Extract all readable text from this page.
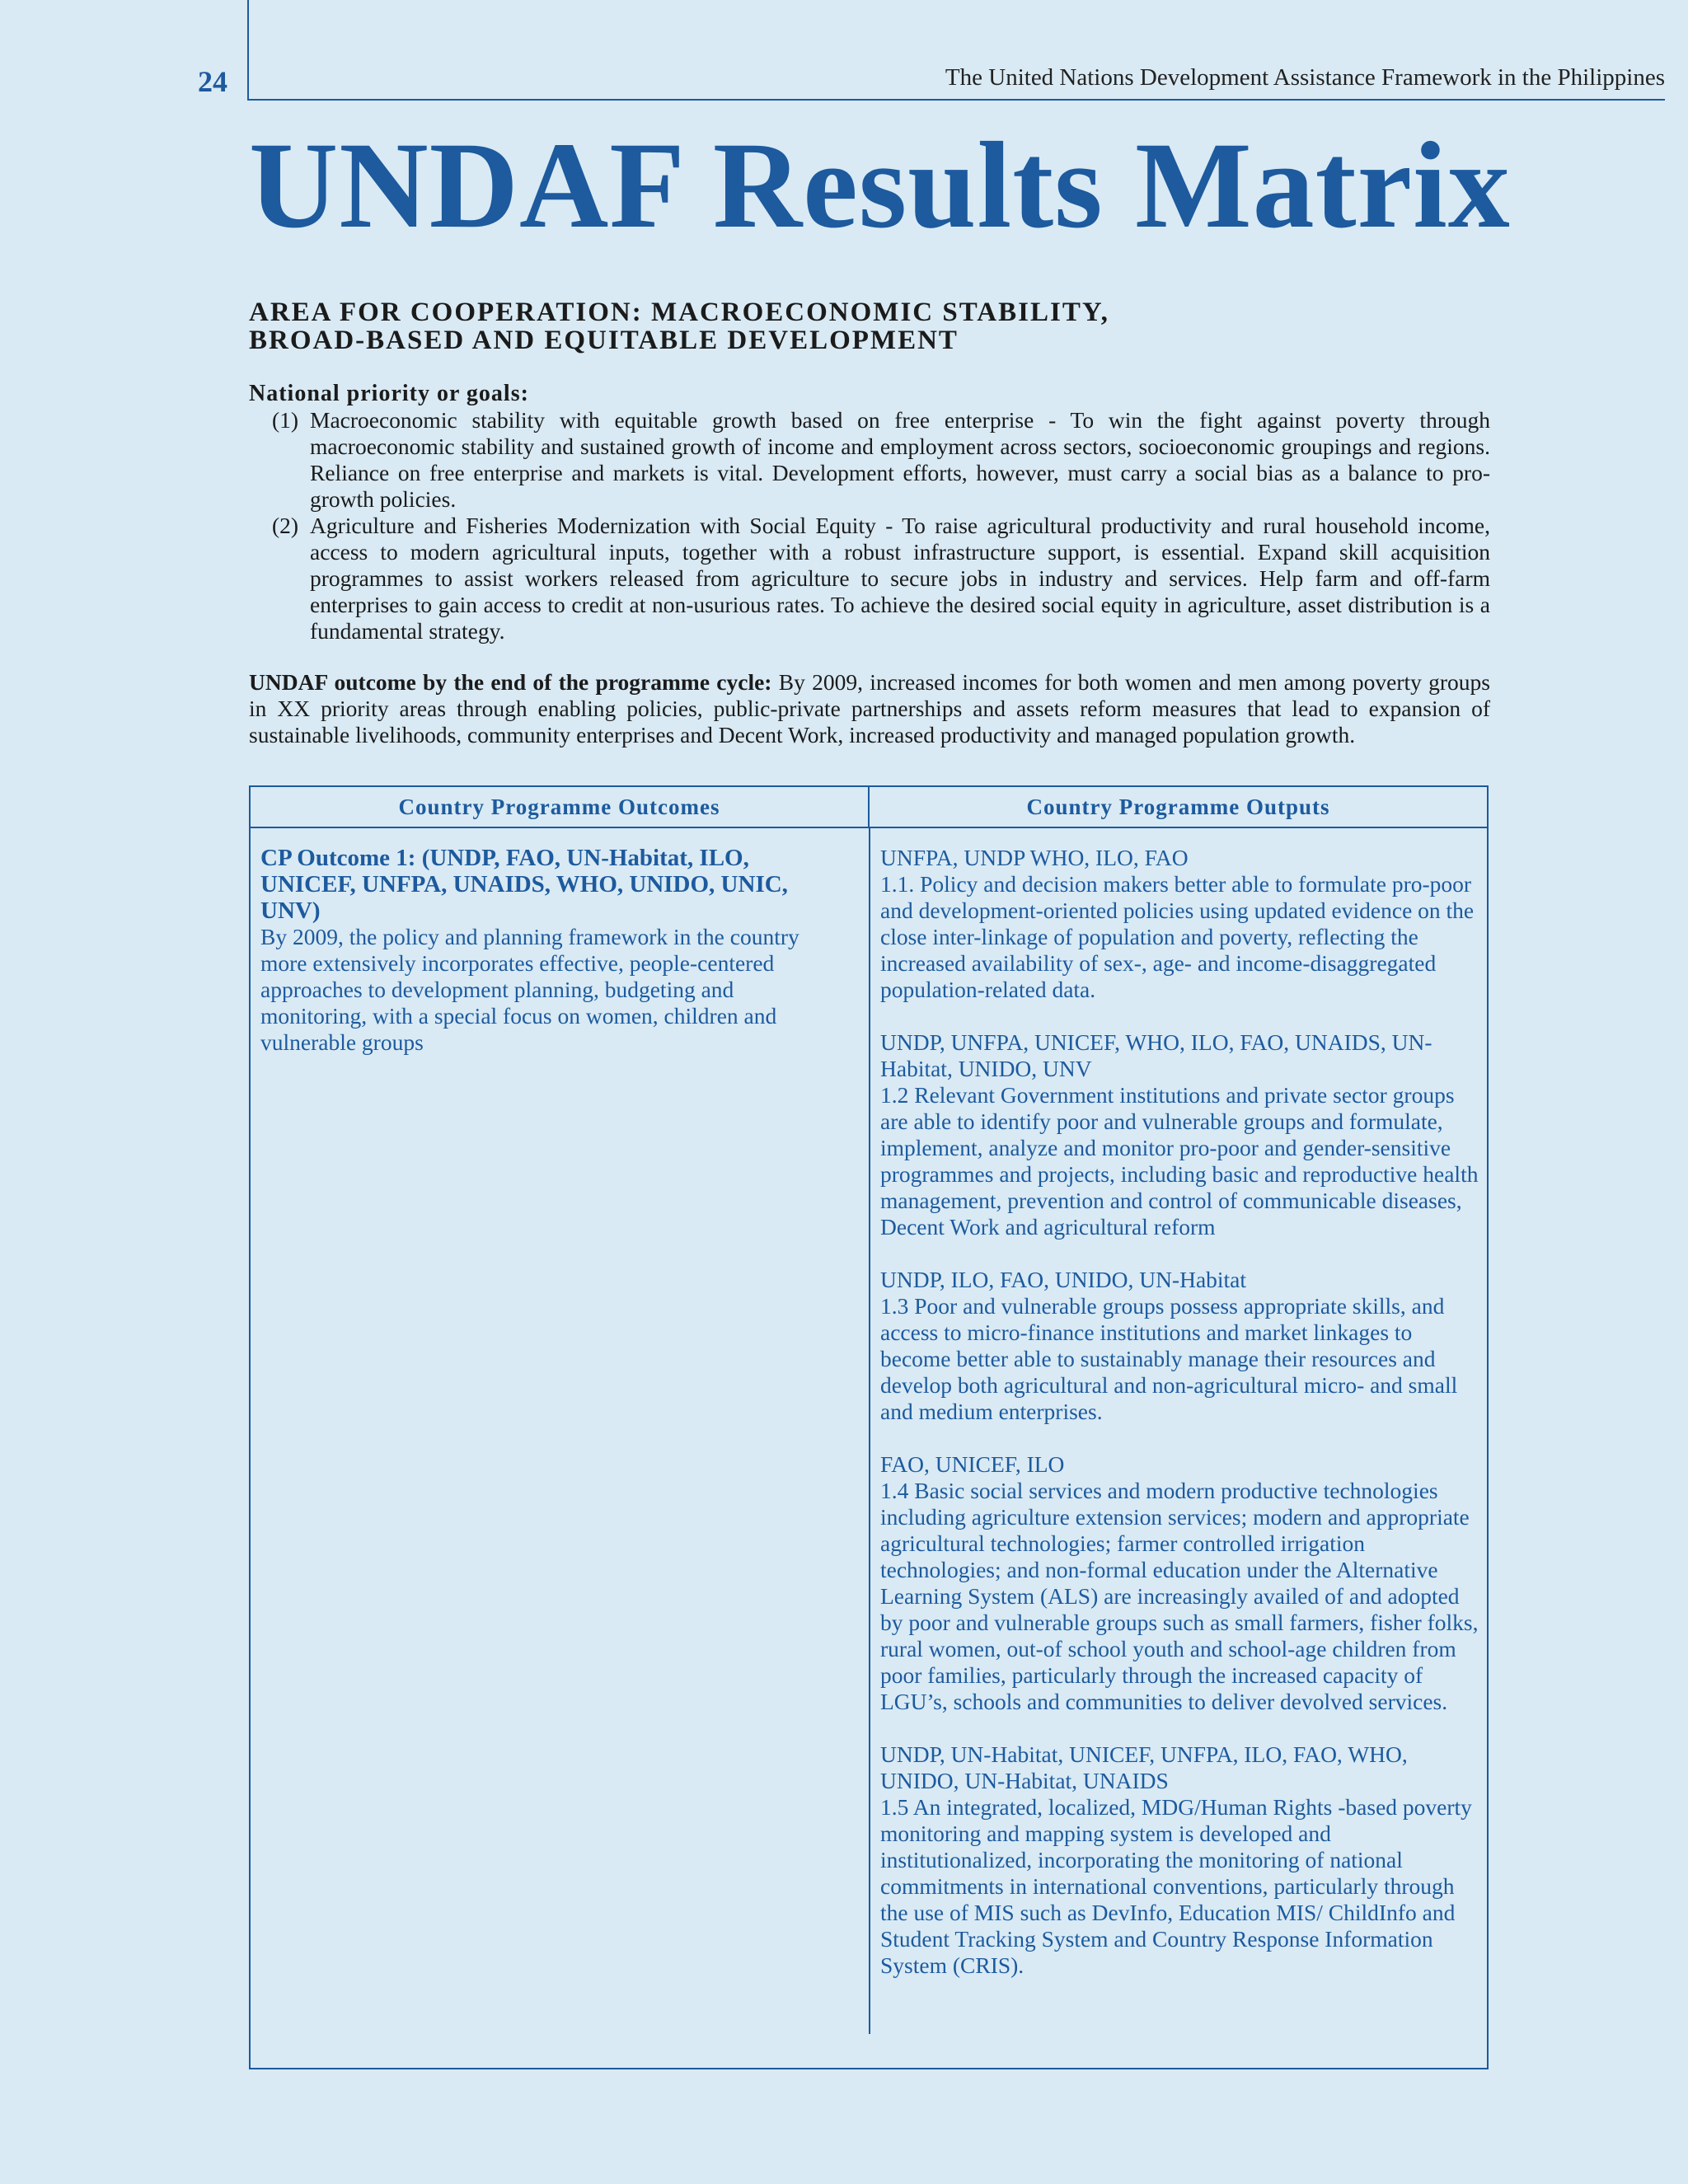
24	The United Nations Development Assistance Framework in the Philippines
UNDAF Results Matrix
AREA FOR COOPERATION: MACROECONOMIC STABILITY,
BROAD-BASED AND EQUITABLE DEVELOPMENT
National priority or goals:
(1) Macroeconomic stability with equitable growth based on free enterprise - To win the fight against poverty through macroeconomic stability and sustained growth of income and employment across sectors, socioeconomic groupings and regions. Reliance on free enterprise and markets is vital. Development efforts, however, must carry a social bias as a balance to pro-growth policies.
(2) Agriculture and Fisheries Modernization with Social Equity - To raise agricultural productivity and rural household income, access to modern agricultural inputs, together with a robust infrastructure support, is essential. Expand skill acquisition programmes to assist workers released from agriculture to secure jobs in industry and services. Help farm and off-farm enterprises to gain access to credit at non-usurious rates. To achieve the desired social equity in agriculture, asset distribution is a fundamental strategy.
UNDAF outcome by the end of the programme cycle: By 2009, increased incomes for both women and men among poverty groups in XX priority areas through enabling policies, public-private partnerships and assets reform measures that lead to expansion of sustainable livelihoods, community enterprises and Decent Work, increased productivity and managed population growth.
Country Programme Outcomes	Country Programme Outputs
CP Outcome 1: (UNDP, FAO, UN-Habitat, ILO, UNICEF, UNFPA, UNAIDS, WHO, UNIDO, UNIC, UNV)
By 2009, the policy and planning framework in the country more extensively incorporates effective, people-centered approaches to development planning, budgeting and monitoring, with a special focus on women, children and vulnerable groups
UNFPA, UNDP WHO, ILO, FAO
1.1. Policy and decision makers better able to formulate pro-poor and development-oriented policies using updated evidence on the close inter-linkage of population and poverty, reflecting the increased availability of sex-, age- and income-disaggregated population-related data.
UNDP, UNFPA, UNICEF, WHO, ILO, FAO, UNAIDS, UN-Habitat, UNIDO, UNV
1.2 Relevant Government institutions and private sector groups are able to identify poor and vulnerable groups and formulate, implement, analyze and monitor pro-poor and gender-sensitive programmes and projects, including basic and reproductive health management, prevention and control of communicable diseases, Decent Work and agricultural reform
UNDP, ILO, FAO, UNIDO, UN-Habitat
1.3 Poor and vulnerable groups possess appropriate skills, and access to micro-finance institutions and market linkages to become better able to sustainably manage their resources and develop both agricultural and non-agricultural micro- and small and medium enterprises.
FAO, UNICEF, ILO
1.4 Basic social services and modern productive technologies including agriculture extension services; modern and appropriate agricultural technologies; farmer controlled irrigation technologies; and non-formal education under the Alternative Learning System (ALS) are increasingly availed of and adopted by poor and vulnerable groups such as small farmers, fisher folks, rural women, out-of school youth and school-age children from poor families, particularly through the increased capacity of LGU’s, schools and communities to deliver devolved services.
UNDP, UN-Habitat, UNICEF, UNFPA, ILO, FAO, WHO, UNIDO, UN-Habitat, UNAIDS
1.5 An integrated, localized, MDG/Human Rights -based poverty monitoring and mapping system is developed and institutionalized, incorporating the monitoring of national commitments in international conventions, particularly through the use of MIS such as DevInfo, Education MIS/ ChildInfo and Student Tracking System and Country Response Information System (CRIS).
